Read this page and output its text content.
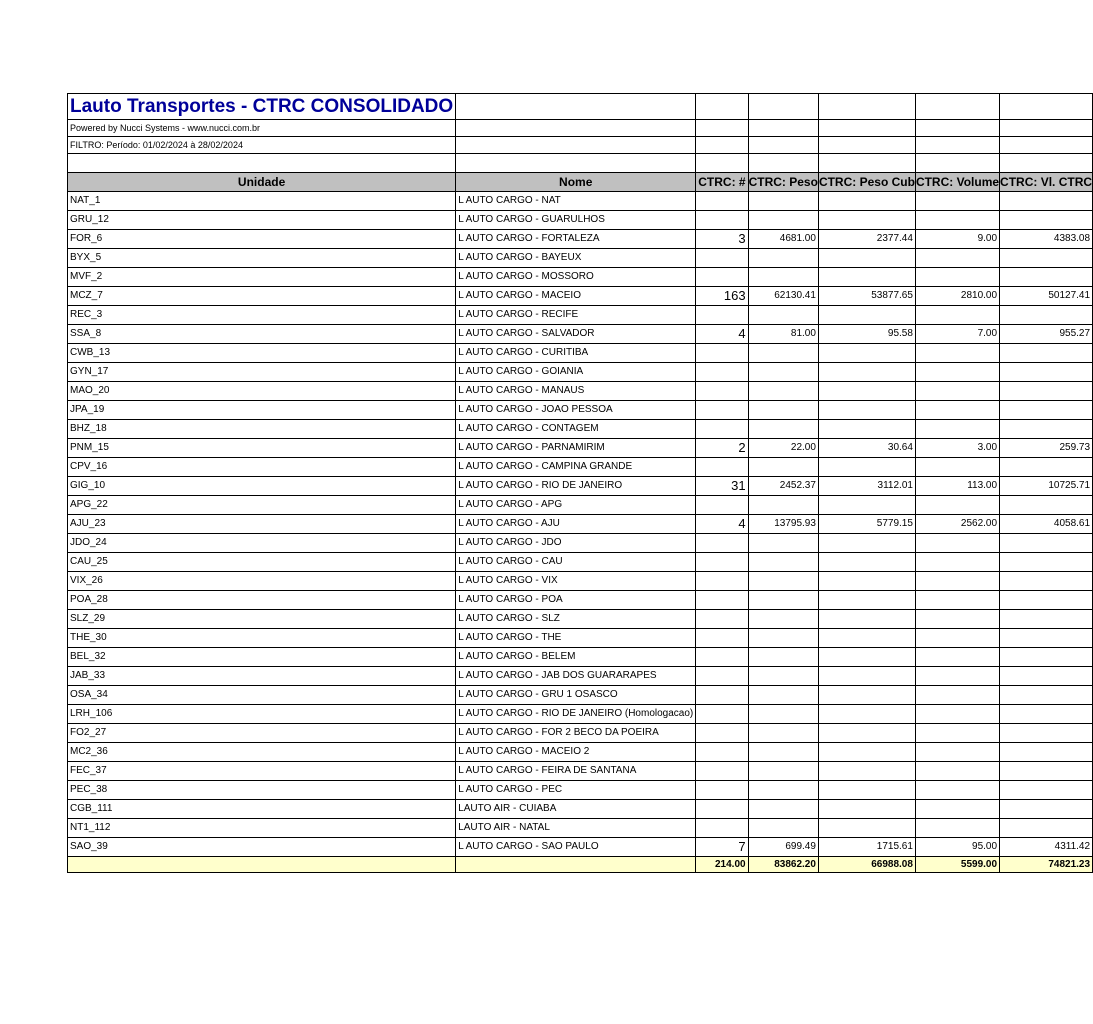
Lauto Transportes - CTRC CONSOLIDADO						
Powered by Nucci Systems - www.nucci.com.br						
FILTRO: Período: 01/02/2024 à 28/02/2024						

Unidade	Nome	CTRC: #	CTRC: Peso	CTRC: Peso Cub	CTRC: Volume	CTRC: Vl. CTRC
NAT_1	L AUTO CARGO - NAT					
GRU_12	L AUTO CARGO - GUARULHOS					
FOR_6	L AUTO CARGO - FORTALEZA	3	4681.00	2377.44	9.00	4383.08
BYX_5	L AUTO CARGO - BAYEUX					
MVF_2	L AUTO CARGO - MOSSORO					
MCZ_7	L AUTO CARGO - MACEIO	163	62130.41	53877.65	2810.00	50127.41
REC_3	L AUTO CARGO - RECIFE					
SSA_8	L AUTO CARGO - SALVADOR	4	81.00	95.58	7.00	955.27
CWB_13	L AUTO CARGO - CURITIBA					
GYN_17	L AUTO CARGO - GOIANIA					
MAO_20	L AUTO CARGO - MANAUS					
JPA_19	L AUTO CARGO - JOAO PESSOA					
BHZ_18	L AUTO CARGO - CONTAGEM					
PNM_15	L AUTO CARGO - PARNAMIRIM	2	22.00	30.64	3.00	259.73
CPV_16	L AUTO CARGO - CAMPINA GRANDE					
GIG_10	L AUTO CARGO - RIO DE JANEIRO	31	2452.37	3112.01	113.00	10725.71
APG_22	L AUTO CARGO - APG					
AJU_23	L AUTO CARGO - AJU	4	13795.93	5779.15	2562.00	4058.61
JDO_24	L AUTO CARGO - JDO					
CAU_25	L AUTO CARGO - CAU					
VIX_26	L AUTO CARGO - VIX					
POA_28	L AUTO CARGO - POA					
SLZ_29	L AUTO CARGO - SLZ					
THE_30	L AUTO CARGO - THE					
BEL_32	L AUTO CARGO - BELEM					
JAB_33	L AUTO CARGO - JAB DOS GUARARAPES					
OSA_34	L AUTO CARGO - GRU 1 OSASCO					
LRH_106	L AUTO CARGO - RIO DE JANEIRO (Homologacao)					
FO2_27	L AUTO CARGO - FOR 2 BECO DA POEIRA					
MC2_36	L AUTO CARGO - MACEIO 2					
FEC_37	L AUTO CARGO - FEIRA DE SANTANA					
PEC_38	L AUTO CARGO - PEC					
CGB_111	LAUTO AIR - CUIABA					
NT1_112	LAUTO AIR - NATAL					
SAO_39	L AUTO CARGO - SAO PAULO	7	699.49	1715.61	95.00	4311.42
		214.00	83862.20	66988.08	5599.00	74821.23
